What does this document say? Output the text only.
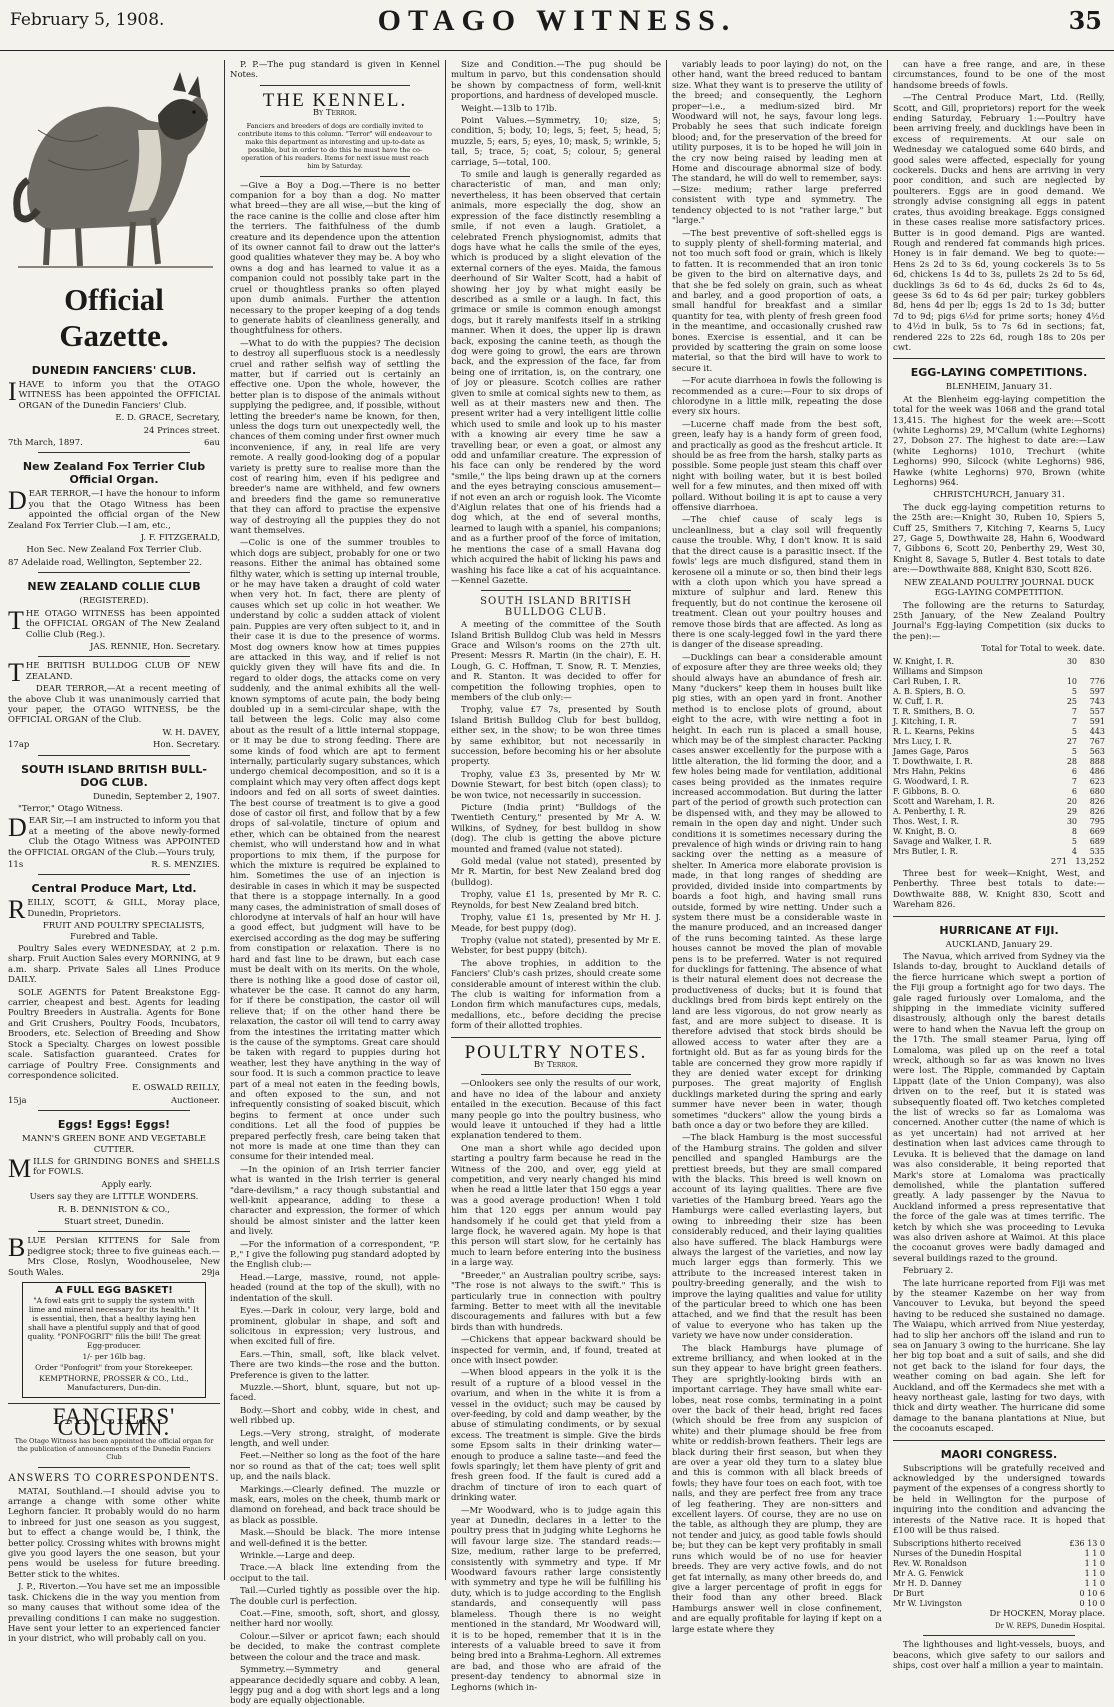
February 5, 1908.	OTAGO WITNESS.	35
Official Gazette.
DUNEDIN FANCIERS' CLUB.

IHAVE to inform you that the OTAGO WITNESS has been appointed the OFFICIAL ORGAN of the Dunedin Fanciers' Club.

E. D. GRACE, Secretary,

24 Princes street.

7th March, 1897.	6au

New Zealand Fox Terrier Club Official Organ.

DEAR TERROR,—I have the honour to inform you that the Otago Witness has been appointed the official organ of the New Zealand Fox Terrier Club.—I am, etc.,

J. F. FITZGERALD,

Hon Sec. New Zealand Fox Terrier Club.

87 Adelaide road, Wellington, September 22.

NEW ZEALAND COLLIE CLUB

(REGISTERED).

THE OTAGO WITNESS has been appointed the OFFICIAL ORGAN of The New Zealand Collie Club (Reg.).

JAS. RENNIE, Hon. Secretary.

THE BRITISH BULLDOG CLUB OF NEW ZEALAND.

DEAR TERROR,—At a recent meeting of the above Club it was unanimously carried that your paper, the OTAGO WITNESS, be the OFFICIAL ORGAN of the Club.

W. H. DAVEY,

17ap	Hon. Secretary.

SOUTH ISLAND BRITISH BULL-DOG CLUB.

Dunedin, September 2, 1907.

"Terror," Otago Witness.

DEAR Sir,—I am instructed to inform you that at a meeting of the above newly-formed Club the Otago Witness was APPOINTED the OFFICIAL ORGAN of the Club.—Yours truly,

11s	R. S. MENZIES.

Central Produce Mart, Ltd.

REILLY, SCOTT, & GILL, Moray place, Dunedin, Proprietors.

FRUIT AND POULTRY SPECIALISTS, Furebred and Table.

Poultry Sales every WEDNESDAY, at 2 p.m. sharp. Fruit Auction Sales every MORNING, at 9 a.m. sharp. Private Sales all Lines Produce DAILY.

SOLE AGENTS for Patent Breakstone Egg-carrier, cheapest and best. Agents for leading Poultry Breeders in Australia. Agents for Bone and Grit Crushers, Poultry Foods, Incubators, Brooders, etc. Selection of Breeding and Show Stock a Specialty. Charges on lowest possible scale. Satisfaction guaranteed. Crates for carriage of Poultry Free. Consignments and correspondence solicited.

E. OSWALD REILLY,

15ja	Auctioneer.

Eggs! Eggs! Eggs!

MANN'S GREEN BONE AND VEGETABLE CUTTER.

MILLS for GRINDING BONES and SHELLS for FOWLS.

Apply early.

Users say they are LITTLE WONDERS.

R. B. DENNISTON & CO.,

Stuart street, Dunedin.

BLUE Persian KITTENS for Sale from pedigree stock; three to five guineas each.—Mrs Close, Roslyn, Woodhouselee, New South Wales.	29ja

A FULL EGG BASKET!

"A fowl eats grit to supply the system with lime and mineral necessary for its health." It is essential, then, that a healthy laying hen shall have a plentiful supply and that of good quality. "PONFOGRIT" fills the bill! The great Egg-producer.

1/- per 16lb bag.

Order "Ponfogrit" from your Storekeeper.

KEMPTHORNE, PROSSER & CO., Ltd., Manufacturers, Dun-din.

FANCIERS' COLUMN.
The Otago Witness has been appointed the official organ for the publication of announcements of the Dunedin Fanciers Club
ANSWERS TO CORRESPONDENTS.

MATAI, Southland.—I should advise you to arrange a change with some other white Leghorn fancier. It probably would do no harm to inbreed for just one season as you suggest, but to effect a change would be, I think, the better policy. Crossing whites with browns might give you good layers the one season, but your pens would be useless for future breeding. Better stick to the whites.

J. P., Riverton.—You have set me an impossible task. Chickens die in the way you mention from so many causes that without some idea of the prevailing conditions I can make no suggestion. Have sent your letter to an experienced fancier in your district, who will probably call on you.

P. P.—The pug standard is given in Kennel Notes.

THE KENNEL.
By Terror.
Fanciers and breeders of dogs are cordially invited to contribute items to this column. "Terror" will endeavour to make this department as interesting and up-to-date as possible, but in order to do this he must have the co-operation of his readers. Items for next issue must reach him by Saturday.

—Give a Boy a Dog.—There is no better companion for a boy than a dog. No matter what breed—they are all wise,—but the king of the race canine is the collie and close after him the terriers. The faithfulness of the dumb creature and its dependence upon the attention of its owner cannot fail to draw out the latter's good qualities whatever they may be. A boy who owns a dog and has learned to value it as a companion could not possibly take part in the cruel or thoughtless pranks so often played upon dumb animals. Further the attention necessary to the proper keeping of a dog tends to generate habits of cleanliness generally, and thoughtfulness for others.

—What to do with the puppies? The decision to destroy all superfluous stock is a needlessly cruel and rather selfish way of settling the matter, but if carried out is certainly an effective one. Upon the whole, however, the better plan is to dispose of the animals without supplying the pedigree, and, if possible, without letting the breeder's name be known, for then, unless the dogs turn out unexpectedly well, the chances of them coming under first owner much inconvenience, if any, in real life are very remote. A really good-looking dog of a popular variety is pretty sure to realise more than the cost of rearing him, even if his pedigree and breeder's name are withheld, and few owners and breeders find the game so remunerative that they can afford to practise the expensive way of destroying all the puppies they do not want themselves.

—Colic is one of the summer troubles to which dogs are subject, probably for one or two reasons. Either the animal has obtained some filthy water, which is setting up internal trouble, or he may have taken a draught of cold water when very hot. In fact, there are plenty of causes which set up colic in hot weather. We understand by colic a sudden attack of violent pain. Puppies are very often subject to it, and in their case it is due to the presence of worms. Most dog owners know how at times puppies are attacked in this way, and if relief is not quickly given they will have fits and die. In regard to older dogs, the attacks come on very suddenly, and the animal exhibits all the well-known symptoms of acute pain, the body being doubled up in a semi-circular shape, with the tail between the legs. Colic may also come about as the result of a little internal stoppage, or it may be due to strong feeding. There are some kinds of food which are apt to ferment internally, particularly sugary substances, which undergo chemical decomposition, and so it is a complaint which may very often affect dogs kept indoors and fed on all sorts of sweet dainties. The best course of treatment is to give a good dose of castor oil first, and follow that by a few drops of sal-volatile, tincture of opium and ether, which can be obtained from the nearest chemist, who will understand how and in what proportions to mix them, if the purpose for which the mixture is required be explained to him. Sometimes the use of an injection is desirable in cases in which it may be suspected that there is a stoppage internally. In a good many cases, the administration of small doses of chlorodyne at intervals of half an hour will have a good effect, but judgment will have to be exercised according as the dog may be suffering from constipation or relaxation. There is no hard and fast line to be drawn, but each case must be dealt with on its merits. On the whole, there is nothing like a good dose of castor oil, whatever be the case. It cannot do any harm, for if there be constipation, the castor oil will relieve that; if on the other hand there be relaxation, the castor oil will tend to carry away from the intestines the irritating matter which is the cause of the symptoms. Great care should be taken with regard to puppies during hot weather, lest they have anything in the way of sour food. It is such a common practice to leave part of a meal not eaten in the feeding bowls, and often exposed to the sun, and not infrequently consisting of soaked biscuit, which begins to ferment at once under such conditions. Let all the food of puppies be prepared perfectly fresh, care being taken that not more is made at one time than they can consume for their intended meal.

—In the opinion of an Irish terrier fancier what is wanted in the Irish terrier is general "dare-devilism," a racy though substantial and well-knit appearance, adding to these a character and expression, the former of which should be almost sinister and the latter keen and lively.

—For the information of a correspondent, "P. P.," I give the following pug standard adopted by the English club:—

Head.—Large, massive, round, not apple-headed (round at the top of the skull), with no indentation of the skull.

Eyes.—Dark in colour, very large, bold and prominent, globular in shape, and soft and solicitous in expression; very lustrous, and when excited full of fire.

Ears.—Thin, small, soft, like black velvet. There are two kinds—the rose and the button. Preference is given to the latter.

Muzzle.—Short, blunt, square, but not up-faced.

Body.—Short and cobby, wide in chest, and well ribbed up.

Legs.—Very strong, straight, of moderate length, and well under.

Feet.—Neither so long as the foot of the hare nor so round as that of the cat; toes well split up, and the nails black.

Markings.—Clearly defined. The muzzle or mask, ears, moles on the cheek, thumb mark or diamond on forehead, and back trace should be as black as possible.

Mask.—Should be black. The more intense and well-defined it is the better.

Wrinkle.—Large and deep.

Trace.—A black line extending from the occiput to the tail.

Tail.—Curled tightly as possible over the hip. The double curl is perfection.

Coat.—Fine, smooth, soft, short, and glossy, neither hard nor woolly.

Colour.—Silver or apricot fawn; each should be decided, to make the contrast complete between the colour and the trace and mask.

Symmetry.—Symmetry and general appearance decidedly square and cobby. A lean, leggy pug and a dog with short legs and a long body are equally objectionable.

Size and Condition.—The pug should be multum in parvo, but this condensation should be shown by compactness of form, well-knit proportions, and hardness of developed muscle.

Weight.—13lb to 17lb.

Point Values.—Symmetry, 10; size, 5; condition, 5; body, 10; legs, 5; feet, 5; head, 5; muzzle, 5; ears, 5; eyes, 10; mask, 5; wrinkle, 5; tail, 5; trace, 5; coat, 5; colour, 5; general carriage, 5—total, 100.

To smile and laugh is generally regarded as characteristic of man, and man only; nevertheless, it has been observed that certain animals, more especially the dog, show an expression of the face distinctly resembling a smile, if not even a laugh. Gratiolet, a celebrated French physiognomist, admits that dogs have what he calls the smile of the eyes, which is produced by a slight elevation of the external corners of the eyes. Maida, the famous deerhound of Sir Walter Scott, had a habit of showing her joy by what might easily be described as a smile or a laugh. In fact, this grimace or smile is common enough amongst dogs, but it rarely manifests itself in a striking manner. When it does, the upper lip is drawn back, exposing the canine teeth, as though the dog were going to growl, the ears are thrown back, and the expression of the face, far from being one of irritation, is, on the contrary, one of joy or pleasure. Scotch collies are rather given to smile at comical sights new to them, as well as at their masters new and then. The present writer had a very intelligent little collie which used to smile and look up to his master with a knowing air every time he saw a travelling bear, or even a goat, or almost any odd and unfamiliar creature. The expression of his face can only be rendered by the word "smile," the lips being drawn up at the corners and the eyes betraying conscious amusement—if not even an arch or roguish look. The Vicomte d'Aiglun relates that one of his friends had a dog which, at the end of several months, learned to laugh with a spaniel, his companions; and as a further proof of the force of imitation, he mentions the case of a small Havana dog which acquired the habit of licking his paws and washing his face like a cat of his acquaintance.—Kennel Gazette.

SOUTH ISLAND BRITISH BULLDOG CLUB.

A meeting of the committee of the South Island British Bulldog Club was held in Messrs Grace and Wilson's rooms on the 27th ult. Present: Messrs R. Martin (in the chair), E. H. Lough, G. C. Hoffman, T. Snow, R. T. Menzies, and R. Stanton. It was decided to offer for competition the following trophies, open to members of the club only:—

Trophy, value £7 7s, presented by South Island British Bulldog Club for best bulldog, either sex, in the show; to be won three times by same exhibitor, but not necessarily in succession, before becoming his or her absolute property.

Trophy, value £3 3s, presented by Mr W. Downie Stewart, for best bitch (open class); to be won twice, not necessarily in succession.

Picture (India print) "Bulldogs of the Twentieth Century," presented by Mr A. W. Wilkins, of Sydney, for best bulldog in show (dog). The club is getting the above picture mounted and framed (value not stated).

Gold medal (value not stated), presented by Mr R. Martin, for best New Zealand bred dog (bulldog).

Trophy, value £1 1s, presented by Mr R. C. Reynolds, for best New Zealand bred bitch.

Trophy, value £1 1s, presented by Mr H. J. Meade, for best puppy (dog).

Trophy (value not stated), presented by Mr E. Webster, for best puppy (bitch).

The above trophies, in addition to the Fanciers' Club's cash prizes, should create some considerable amount of interest within the club. The club is waiting for information from a London firm which manufactures cups, medals, medallions, etc., before deciding the precise form of their allotted trophies.

POULTRY NOTES.
By Terror.

—Onlookers see only the results of our work, and have no idea of the labour and anxiety entailed in the execution. Because of this fact many people go into the poultry business, who would leave it untouched if they had a little explanation tendered to them.

One man a short while ago decided upon starting a poultry farm because he read in the Witness of the 200, and over, egg yield at competition, and very nearly changed his mind when he read a little later that 150 eggs a year was a good average production! When I told him that 120 eggs per annum would pay handsomely if he could get that yield from a large flock, he wavered again. My hope is that this person will start slow, for he certainly has much to learn before entering into the business in a large way.

"Breeder," an Australian poultry scribe, says: "The rose is not always to the swift." This is particularly true in connection with poultry farming. Better to meet with all the inevitable discouragements and failures with but a few birds than with hundreds.

—Chickens that appear backward should be inspected for vermin, and, if found, treated at once with insect powder.

—When blood appears in the yolk it is the result of a rupture of a blood vessel in the ovarium, and when in the white it is from a vessel in the oviduct; such may be caused by over-feeding, by cold and damp weather, by the abuse of stimulating condiments, or by sexual excess. The treatment is simple. Give the birds some Epsom salts in their drinking water—enough to produce a saline taste—and feed the fowls sparingly; let them have plenty of grit and fresh green food. If the fault is cured add a drachm of tincture of iron to each quart of drinking water.

—Mr Woodward, who is to judge again this year at Dunedin, declares in a letter to the poultry press that in judging white Leghorns he will favour large size. The standard reads:—Size, medium, rather large to be preferred, consistently with symmetry and type. If Mr Woodward favours rather large consistently with symmetry and type he will be fulfilling his duty, which is to judge according to the English standards, and consequently will pass blameless. Though there is no weight mentioned in the standard, Mr Woodward will, it is to be hoped, remember that it is in the interests of a valuable breed to save it from being bred into a Brahma-Leghorn. All extremes are bad, and those who are afraid of the present-day tendency to abnormal size in Leghorns (which in-

variably leads to poor laying) do not, on the other hand, want the breed reduced to bantam size. What they want is to preserve the utility of the breed; and consequently, the Leghorn proper—i.e., a medium-sized bird. Mr Woodward will not, he says, favour long legs. Probably he sees that such indicate foreign blood; and, for the preservation of the breed for utility purposes, it is to be hoped he will join in the cry now being raised by leading men at Home and discourage abnormal size of body. The standard, he will do well to remember, says:—Size: medium; rather large preferred consistent with type and symmetry. The tendency objected to is not "rather large," but "large."

—The best preventive of soft-shelled eggs is to supply plenty of shell-forming material, and not too much soft food or grain, which is likely to fatten. It is recommended that an iron tonic be given to the bird on alternative days, and that she be fed solely on grain, such as wheat and barley, and a good proportion of oats, a small handful for breakfast and a similar quantity for tea, with plenty of fresh green food in the meantime, and occasionally crushed raw bones. Exercise is essential, and it can be provided by scattering the grain on some loose material, so that the bird will have to work to secure it.

—For acute diarrhoea in fowls the following is recommended as a cure:—Four to six drops of chlorodyne in a little milk, repeating the dose every six hours.

—Lucerne chaff made from the best soft, green, leafy hay is a handy form of green food, and practically as good as the freshcut article. It should be as free from the harsh, stalky parts as possible. Some people just steam this chaff over night with boiling water, but it is best boiled well for a few minutes, and then mixed off with pollard. Without boiling it is apt to cause a very offensive diarrhoea.

—The chief cause of scaly legs is uncleanliness, but a clay soil will frequently cause the trouble. Why, I don't know. It is said that the direct cause is a parasitic insect. If the fowls' legs are much disfigured, stand them in kerosene oil a minute or so, then bind their legs with a cloth upon which you have spread a mixture of sulphur and lard. Renew this frequently, but do not continue the kerosene oil treatment. Clean out your poultry houses and remove those birds that are affected. As long as there is one scaly-legged fowl in the yard there is danger of the disease spreading.

—Ducklings can bear a considerable amount of exposure after they are three weeks old; they should always have an abundance of fresh air. Many "duckers" keep them in houses built like pig sties, with an open yard in front. Another method is to enclose plots of ground, about eight to the acre, with wire netting a foot in height. In each run is placed a small house, which may be of the simplest character. Packing cases answer excellently for the purpose with a little alteration, the lid forming the door, and a few holes being made for ventilation, additional cases being provided as the inmates require increased accommodation. But during the latter part of the period of growth such protection can be dispensed with, and they may be allowed to remain in the open day and night. Under such conditions it is sometimes necessary during the prevalence of high winds or driving rain to hang sacking over the netting as a measure of shelter. In America more elaborate provision is made, in that long ranges of shedding are provided, divided inside into compartments by boards a foot high, and having small runs outside, formed by wire netting. Under such a system there must be a considerable waste in the manure produced, and an increased danger of the runs becoming tainted. As these large houses cannot be moved the plan of movable pens is to be preferred. Water is not required for ducklings for fattening. The absence of what is their natural element does not decrease the productiveness of ducks; but it is found that ducklings bred from birds kept entirely on the land are less vigorous, do not grow nearly as fast, and are more subject to disease. It is therefore advised that stock birds should be allowed access to water after they are a fortnight old. But as far as young birds for the table are concerned they grow more rapidly if they are denied water except for drinking purposes. The great majority of English ducklings marketed during the spring and early summer have never been in water, though sometimes "duckers" allow the young birds a bath once a day or two before they are killed.

—The black Hamburg is the most successful of the Hamburg strains. The golden and silver pencilled and spangled Hamburgs are the prettiest breeds, but they are small compared with the blacks. This breed is well known on account of its laying qualities. There are five varieties of the Hamburg breed. Years ago the Hamburgs were called everlasting layers, but owing to inbreeding their size has been considerably reduced, and their laying qualities also have suffered. The black Hamburgs were always the largest of the varieties, and now lay much larger eggs than formerly. This we attribute to the increased interest taken in poultry-breeding generally, and the wish to improve the laying qualities and value for utility of the particular breed to which one has been attached, and we find that the result has been of value to everyone who has taken up the variety we have now under consideration.

The black Hamburgs have plumage of extreme brilliancy, and when looked at in the sun they appear to have bright green feathers. They are sprightly-looking birds with an important carriage. They have small white ear-lobes, neat rose combs, terminating in a point over the back of their head, bright red faces (which should be free from any suspicion of white) and their plumage should be free from white or reddish-brown feathers. Their legs are black during their first season, but when they are over a year old they turn to a slatey blue and this is common with all black breeds of fowls; they have four toes on each foot, with toe nails, and they are perfect free from any trace of leg feathering. They are non-sitters and excellent layers. Of course, they are no use on the table, as although they are plump, they are not tender and juicy, as good table fowls should be; but they can be kept very profitably in small runs which would be of no use for heavier breeds. They are very active fowls, and do not get fat internally, as many other breeds do, and give a larger percentage of profit in eggs for their food than any other breed. Black Hamburgs answer well in close confinement, and are equally profitable for laying if kept on a large estate where they

can have a free range, and are, in these circumstances, found to be one of the most handsome breeds of fowls.

—The Central Produce Mart, Ltd. (Reilly, Scott, and Gill, proprietors) report for the week ending Saturday, February 1:—Poultry have been arriving freely, and ducklings have been in excess of requirements. At our sale on Wednesday we catalogued some 640 birds, and good sales were affected, especially for young cockerels. Ducks and hens are arriving in very poor condition, and such are neglected by poulterers. Eggs are in good demand. We strongly advise consigning all eggs in patent crates, thus avoiding breakage. Eggs consigned in these cases realise more satisfactory prices. Butter is in good demand. Pigs are wanted. Rough and rendered fat commands high prices. Honey is in fair demand. We beg to quote:—Hens 2s 2d to 3s 6d, young cockerels 3s to 5s 6d, chickens 1s 4d to 3s, pullets 2s 2d to 5s 6d, ducklings 3s 6d to 4s 6d, ducks 2s 6d to 4s, geese 3s 6d to 4s 6d per pair; turkey gobblers 8d, hens 4d per lb; eggs 1s 2d to 1s 3d; butter 7d to 9d; pigs 6½d for prime sorts; honey 4½d to 4½d in bulk, 5s to 7s 6d in sections; fat, rendered 22s to 22s 6d, rough 18s to 20s per cwt.

EGG-LAYING COMPETITIONS.

BLENHEIM, January 31.

At the Blenheim egg-laying competition the total for the week was 1068 and the grand total 13,415. The highest for the week are:—Scott (white Leghorns) 29, M'Callum (white Leghorns) 27, Dobson 27. The highest to date are:—Law (white Leghorns) 1010, Trechurt (white Leghorns) 990, Silcock (white Leghorns) 986, Hawke (white Leghorns) 970, Brown (white Leghorns) 964.

CHRISTCHURCH, January 31.

The duck egg-laying competition returns to the 25th are:—Knight 30, Ruben 10, Spiers 5, Cuff 25, Smithers 7, Kitching 7, Kearns 5, Lucy 27, Gage 5, Dowthwaite 28, Hahn 6, Woodward 7, Gibbons 6, Scott 20, Penberthy 29, West 30, Knight 8, Savage 5, Butler 4. Best totals to date are:—Dowthwaite 888, Knight 830, Scott 826.

NEW ZEALAND POULTRY JOURNAL DUCK EGG-LAYING COMPETITION.

The following are the returns to Saturday, 25th January, of the New Zealand Poultry Journal's Egg-laying Competition (six ducks to the pen):—

Total for Total to week. date.

W. Knight, I. R.	30	830
Williams and Simpson		
Carl Ruben, I. R.	10	776
A. B. Spiers, B. O.	5	597
W. Cuff, I. R.	25	743
T. R. Smithers, B. O.	7	557
J. Kitching, I. R.	7	591
R. L. Kearns, Pekins	5	443
Mrs Lucy, I. R.	27	767
James Gage, Paros	5	563
T. Dowthwaite, I. R.	28	888
Mrs Hahn, Pekins	6	486
G. Woodward, I. R.	7	623
F. Gibbons, B. O.	6	680
Scott and Wareham, I. R.	20	826
A. Penberthy, I. R.	29	826
Thos. West, I. R.	30	795
W. Knight, B. O.	8	669
Savage and Walker, I. R.	5	689
Mrs Butler, I. R.	4	535

271 13,252

Three best for week—Knight, West, and Penberthy. Three best totals to date:—Dowthwaite 888, W. Knight 830, Scott and Wareham 826.

HURRICANE AT FIJI.

AUCKLAND, January 29.

The Navua, which arrived from Sydney via the Islands to-day, brought to Auckland details of the fierce hurricane which swept a portion of the Fiji group a fortnight ago for two days. The gale raged furiously over Lomaloma, and the shipping in the immediate vicinity suffered disastrously, although only the barest details were to hand when the Navua left the group on the 17th. The small steamer Parua, lying off Lomaloma, was piled up on the reef a total wreck, although so far as was known no lives were lost. The Ripple, commanded by Captain Lippatt (late of the Union Company), was also driven on to the reef, but it is stated was subsequently floated off. Two ketches completed the list of wrecks so far as Lomaloma was concerned. Another cutter (the name of which is as yet uncertain) had not arrived at her destination when last advices came through to Levuka. It is believed that the damage on land was also considerable, it being reported that Mark's store at Lomaloma was practically demolished, while the plantation suffered greatly. A lady passenger by the Navua to Auckland informed a press representative that the force of the gale was at times terrific. The ketch by which she was proceeding to Levuka was also driven ashore at Waimoi. At this place the cocoanut groves were badly damaged and several buildings razed to the ground.

February 2.

The late hurricane reported from Fiji was met by the steamer Kazembe on her way from Vancouver to Levuka, but beyond the speed having to be reduced she sustained no damage. The Waiapu, which arrived from Niue yesterday, had to slip her anchors off the island and run to sea on January 3 owing to the hurricane. She lay her big top boat and a suit of sails, and she did not get back to the island for four days, the weather coming on bad again. She left for Auckland, and off the Kermadecs she met with a heavy northeast gale, lasting for two days, with thick and dirty weather. The hurricane did some damage to the banana plantations at Niue, but the cocoanuts escaped.

MAORI CONGRESS.

Subscriptions will be gratefully received and acknowledged by the undersigned towards payment of the expenses of a congress shortly to be held in Wellington for the purpose of inquiring into the condition and advancing the interests of the Native race. It is hoped that £100 will be thus raised.

Subscriptions hitherto received	£36 13 0
Nurses of the Dunedin Hospital	1 1 0
Rev. W. Ronaldson	1 1 0
Mr A. G. Fenwick	1 1 0
Mr H. D. Danney	1 1 0
Dr Burt	0 10 6
Mr W. Livingston	0 10 0

Dr HOCKEN, Moray place.

Dr W. REPS, Dunedin Hospital.

The lighthouses and light-vessels, buoys, and beacons, which give safety to our sailors and ships, cost over half a million a year to maintain.
